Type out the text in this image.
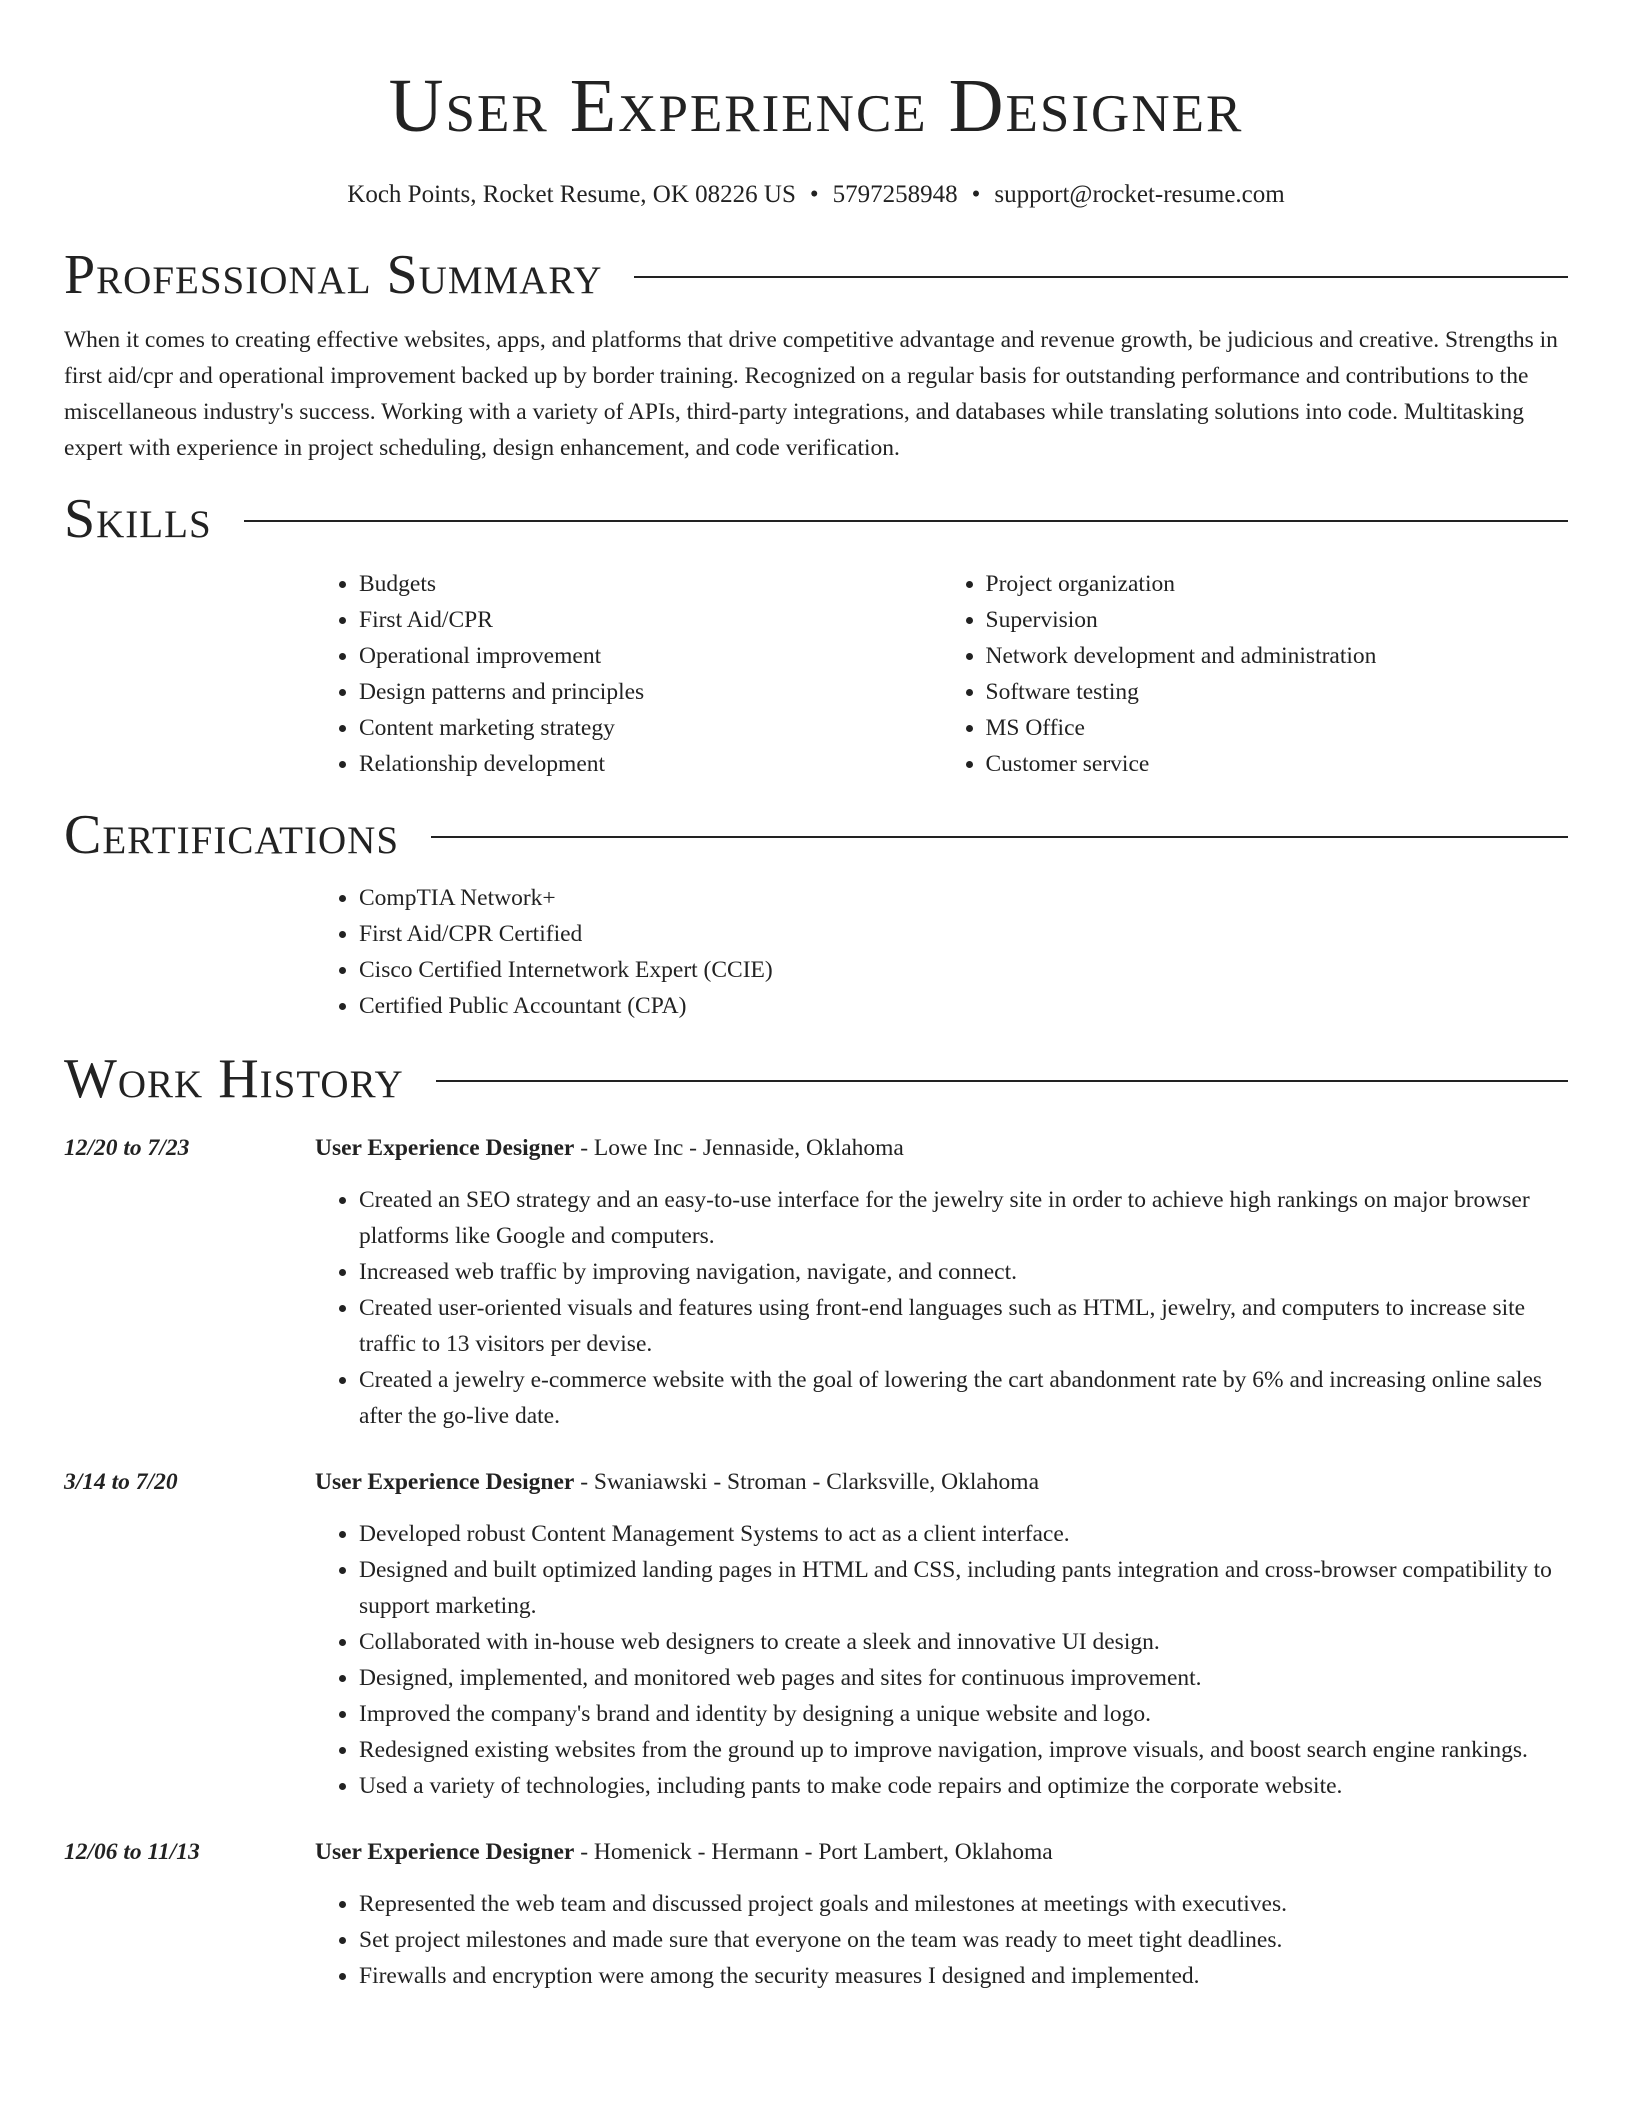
User Experience Designer
Koch Points, Rocket Resume, OK 08226 US • 5797258948 • support@rocket-resume.com
Professional Summary

When it comes to creating effective websites, apps, and platforms that drive competitive advantage and revenue growth, be judicious and creative. Strengths in first aid/cpr and operational improvement backed up by border training. Recognized on a regular basis for outstanding performance and contributions to the miscellaneous industry's success. Working with a variety of APIs, third-party integrations, and databases while translating solutions into code. Multitasking expert with experience in project scheduling, design enhancement, and code verification.

Skills
• Budgets
• First Aid/CPR
• Operational improvement
• Design patterns and principles
• Content marketing strategy
• Relationship development
• Project organization
• Supervision
• Network development and administration
• Software testing
• MS Office
• Customer service
Certifications
• CompTIA Network+
• First Aid/CPR Certified
• Cisco Certified Internetwork Expert (CCIE)
• Certified Public Accountant (CPA)
Work History
12/20 to 7/23	User Experience Designer - Lowe Inc - Jennaside, Oklahoma
• Created an SEO strategy and an easy-to-use interface for the jewelry site in order to achieve high rankings on major browser platforms like Google and computers.
• Increased web traffic by improving navigation, navigate, and connect.
• Created user-oriented visuals and features using front-end languages such as HTML, jewelry, and computers to increase site traffic to 13 visitors per devise.
• Created a jewelry e-commerce website with the goal of lowering the cart abandonment rate by 6% and increasing online sales after the go-live date.
3/14 to 7/20	User Experience Designer - Swaniawski - Stroman - Clarksville, Oklahoma
• Developed robust Content Management Systems to act as a client interface.
• Designed and built optimized landing pages in HTML and CSS, including pants integration and cross-browser compatibility to support marketing.
• Collaborated with in-house web designers to create a sleek and innovative UI design.
• Designed, implemented, and monitored web pages and sites for continuous improvement.
• Improved the company's brand and identity by designing a unique website and logo.
• Redesigned existing websites from the ground up to improve navigation, improve visuals, and boost search engine rankings.
• Used a variety of technologies, including pants to make code repairs and optimize the corporate website.
12/06 to 11/13	User Experience Designer - Homenick - Hermann - Port Lambert, Oklahoma
• Represented the web team and discussed project goals and milestones at meetings with executives.
• Set project milestones and made sure that everyone on the team was ready to meet tight deadlines.
• Firewalls and encryption were among the security measures I designed and implemented.
